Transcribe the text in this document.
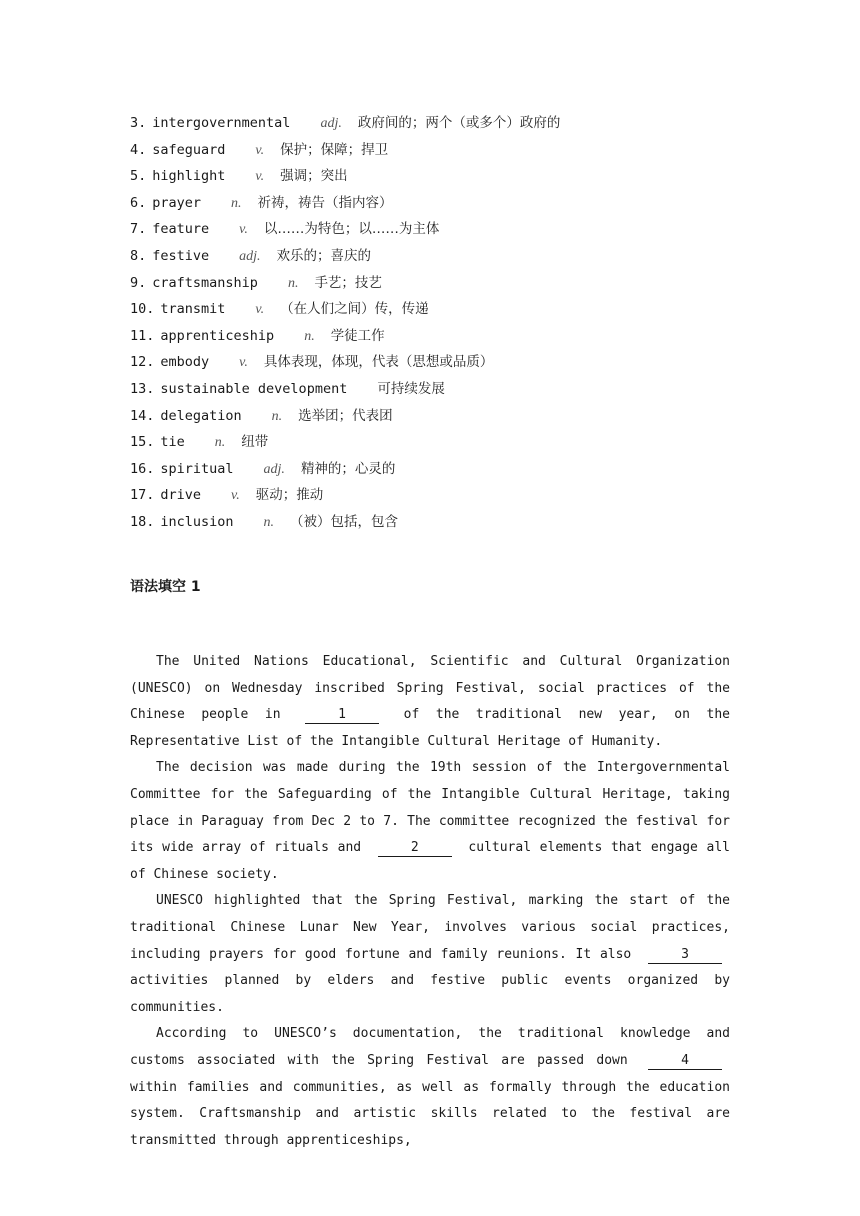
3. intergovernmental adj. 政府间的；两个（或多个）政府的
4. safeguard v. 保护；保障；捍卫
5. highlight v. 强调；突出
6. prayer n. 祈祷，祷告（指内容）
7. feature v. 以……为特色；以……为主体
8. festive adj. 欢乐的；喜庆的
9. craftsmanship n. 手艺；技艺
10. transmit v. （在人们之间）传，传递
11. apprenticeship n. 学徒工作
12. embody v. 具体表现，体现，代表（思想或品质）
13. sustainable development 可持续发展
14. delegation n. 选举团；代表团
15. tie n. 纽带
16. spiritual adj. 精神的；心灵的
17. drive v. 驱动；推动
18. inclusion n. （被）包括，包含
语法填空 1

The United Nations Educational, Scientific and Cultural Organization (UNESCO) on Wednesday inscribed Spring Festival, social practices of the Chinese people in	1	of the traditional new year, on the Representative List of the Intangible Cultural Heritage of Humanity.

The decision was made during the 19th session of the Intergovernmental Committee for the Safeguarding of the Intangible Cultural Heritage, taking place in Paraguay from Dec 2 to 7. The committee recognized the festival for its wide array of rituals and	2	cultural elements that engage all of Chinese society.

UNESCO highlighted that the Spring Festival, marking the start of the traditional Chinese Lunar New Year, involves various social practices, including prayers for good fortune and family reunions. It also	3 activities planned by elders and festive public events organized by communities.

According to UNESCO’s documentation, the traditional knowledge and customs associated with the Spring Festival are passed down	4 within families and communities, as well as formally through the education system. Craftsmanship and artistic skills related to the festival are transmitted through apprenticeships,
